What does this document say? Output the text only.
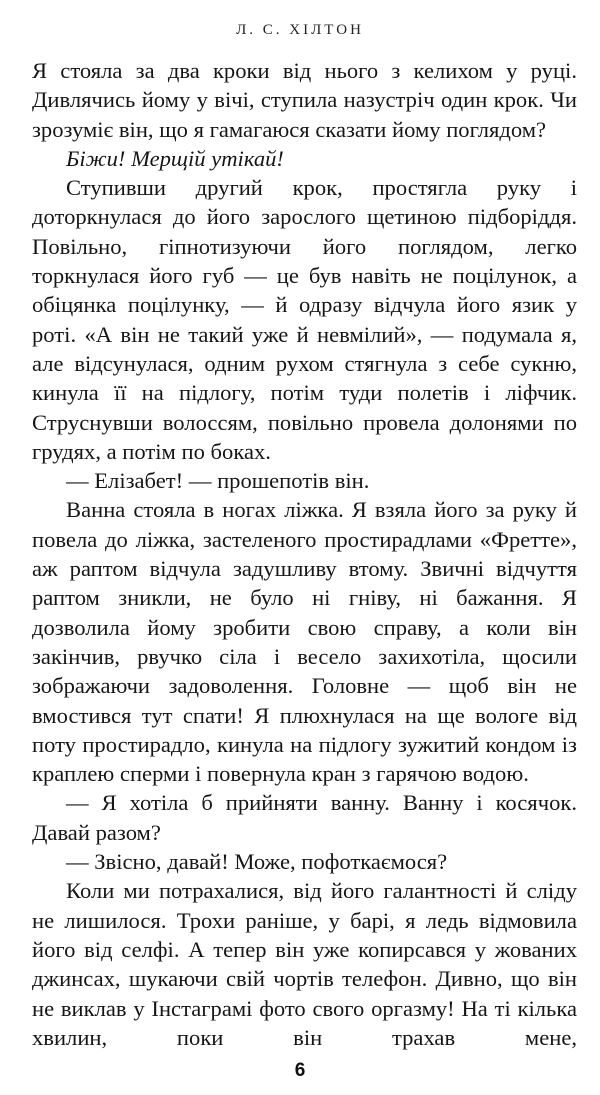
Л. С. ХІЛТОН

Я стояла за два кроки від нього з келихом у руці. Дивлячись йому у вічі, ступила назустріч один крок. Чи зрозуміє він, що я гамагаюся сказати йому поглядом?

Біжи! Мерщій утікай!

Ступивши другий крок, простягла руку і доторкнулася до його зарослого щетиною підборіддя. Повільно, гіпнотизуючи його поглядом, легко торкнулася його губ — це був навіть не поцілунок, а обіцянка поцілунку, — й одразу відчула його язик у роті. «А він не такий уже й невмілий», — подумала я, але відсунулася, одним рухом стягнула з себе сукню, кинула її на підлогу, потім туди полетів і ліфчик. Струснувши волоссям, повільно провела долонями по грудях, а потім по боках.

— Елізабет! — прошепотів він.

Ванна стояла в ногах ліжка. Я взяла його за руку й повела до ліжка, застеленого простирадлами «Фретте», аж раптом відчула задушливу втому. Звичні відчуття раптом зникли, не було ні гніву, ні бажання. Я дозволила йому зробити свою справу, а коли він закінчив, рвучко сіла і весело захихотіла, щосили зображаючи задоволення. Головне — щоб він не вмостився тут спати! Я плюхнулася на ще вологе від поту простирадло, кинула на підлогу зужитий кондом із краплею сперми і повернула кран з гарячою водою.

— Я хотіла б прийняти ванну. Ванну і косячок. Давай разом?

— Звісно, давай! Може, пофоткаємося?

Коли ми потрахалися, від його галантності й сліду не лишилося. Трохи раніше, у барі, я ледь відмовила його від селфі. А тепер він уже копирсався у жованих джинсах, шукаючи свій чортів телефон. Дивно, що він не виклав у Інстаграмі фото свого оргазму! На ті кілька хвилин, поки він трахав мене,

6
